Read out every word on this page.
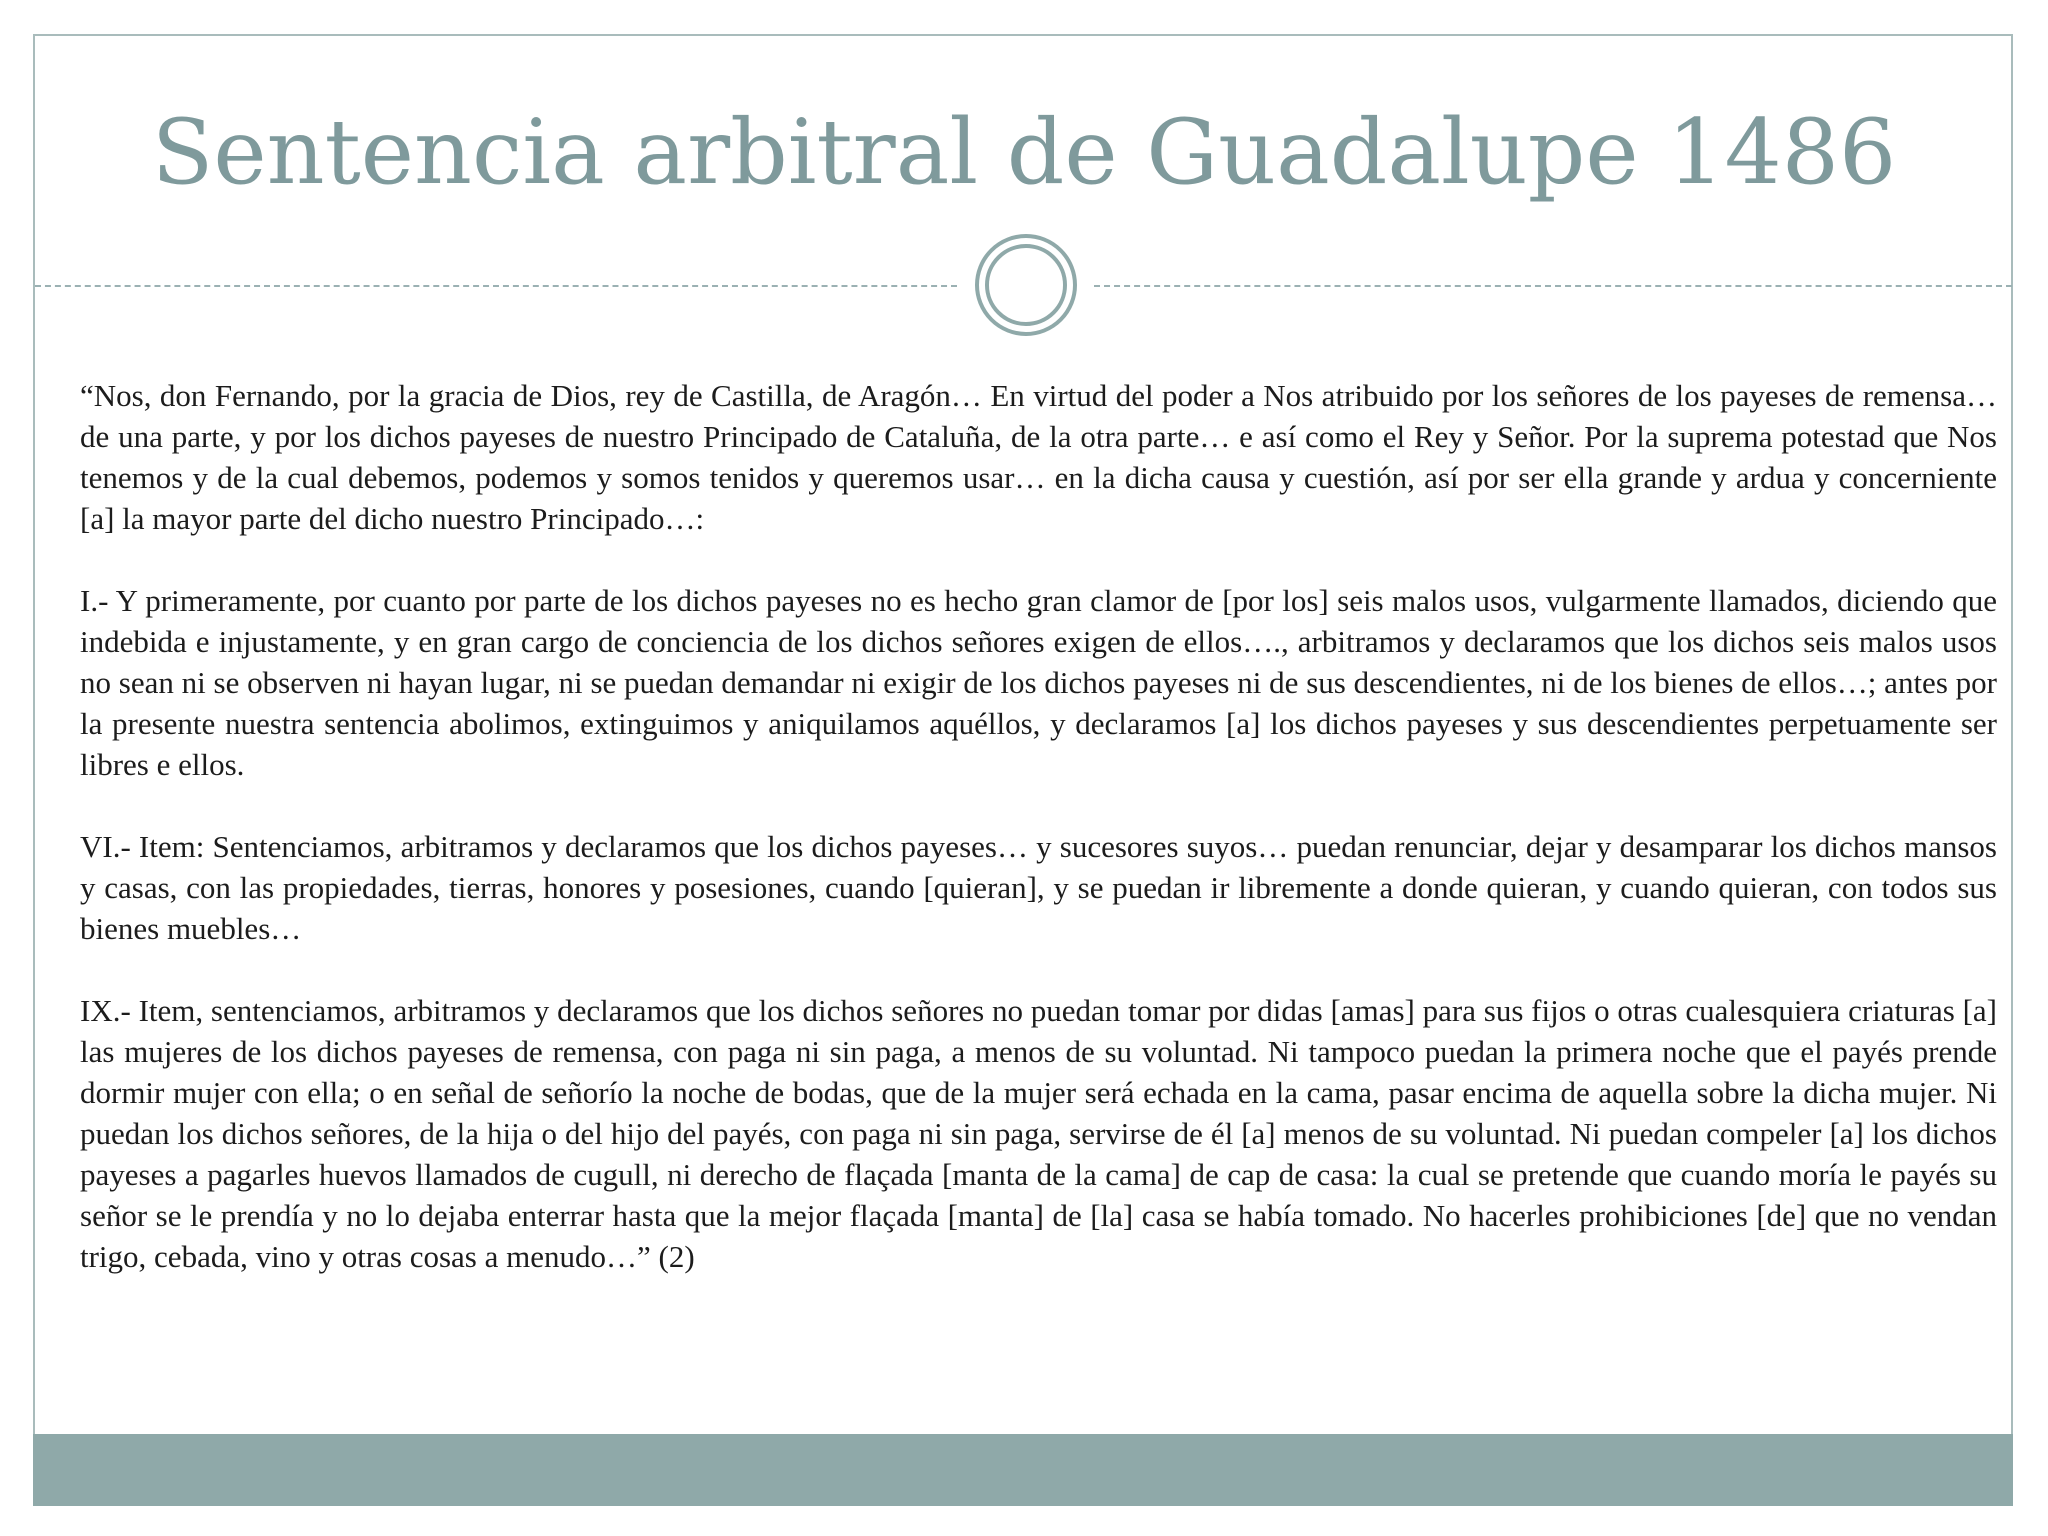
Sentencia arbitral de Guadalupe 1486

“Nos, don Fernando, por la gracia de Dios, rey de Castilla, de Aragón… En virtud del poder a Nos atribuido por los señores de los payeses de remensa… de una parte, y por los dichos payeses de nuestro Principado de Cataluña, de la otra parte… e así como el Rey y Señor. Por la suprema potestad que Nos tenemos y de la cual debemos, podemos y somos tenidos y queremos usar… en la dicha causa y cuestión, así por ser ella grande y ardua y concerniente [a] la mayor parte del dicho nuestro Principado…:

I.- Y primeramente, por cuanto por parte de los dichos payeses no es hecho gran clamor de [por los] seis malos usos, vulgarmente llamados, diciendo que indebida e injustamente, y en gran cargo de conciencia de los dichos señores exigen de ellos…., arbitramos y declaramos que los dichos seis malos usos no sean ni se observen ni hayan lugar, ni se puedan demandar ni exigir de los dichos payeses ni de sus descendientes, ni de los bienes de ellos…; antes por la presente nuestra sentencia abolimos, extinguimos y aniquilamos aquéllos, y declaramos [a] los dichos payeses y sus descendientes perpetuamente ser libres e ellos.

VI.- Item: Sentenciamos, arbitramos y declaramos que los dichos payeses… y sucesores suyos… puedan renunciar, dejar y desamparar los dichos mansos y casas, con las propiedades, tierras, honores y posesiones, cuando [quieran], y se puedan ir libremente a donde quieran, y cuando quieran, con todos sus bienes muebles…

IX.- Item, sentenciamos, arbitramos y declaramos que los dichos señores no puedan tomar por didas [amas] para sus fijos o otras cualesquiera criaturas [a] las mujeres de los dichos payeses de remensa, con paga ni sin paga, a menos de su voluntad. Ni tampoco puedan la primera noche que el payés prende dormir mujer con ella; o en señal de señorío la noche de bodas, que de la mujer será echada en la cama, pasar encima de aquella sobre la dicha mujer. Ni puedan los dichos señores, de la hija o del hijo del payés, con paga ni sin paga, servirse de él [a] menos de su voluntad. Ni puedan compeler [a] los dichos payeses a pagarles huevos llamados de cugull, ni derecho de flaçada [manta de la cama] de cap de casa: la cual se pretende que cuando moría le payés su señor se le prendía y no lo dejaba enterrar hasta que la mejor flaçada [manta] de [la] casa se había tomado. No hacerles prohibiciones [de] que no vendan trigo, cebada, vino y otras cosas a menudo…” (2)
